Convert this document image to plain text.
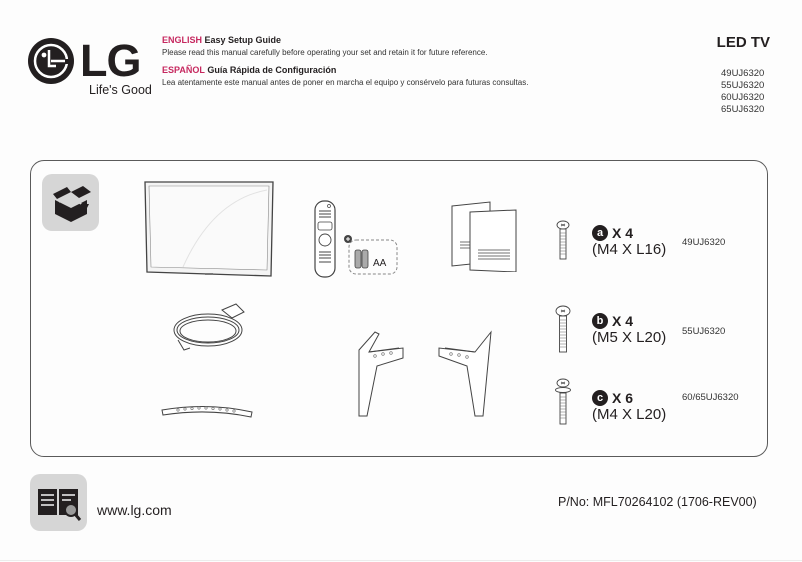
LG
Life's Good
ENGLISH Easy Setup Guide
Please read this manual carefully before operating your set and retain it for future reference.
ESPAÑOL Guía Rápida de Configuración
Lea atentamente este manual antes de poner en marcha el equipo y consérvelo para futuras consultas.
LED TV
49UJ6320
55UJ6320
60UJ6320
65UJ6320
AA
a X 4
(M4 X L16) 49UJ6320
b X 4
(M5 X L20) 55UJ6320
c X 6
(M4 X L20)
60/65UJ6320
www.lg.com	P/No: MFL70264102 (1706-REV00)
